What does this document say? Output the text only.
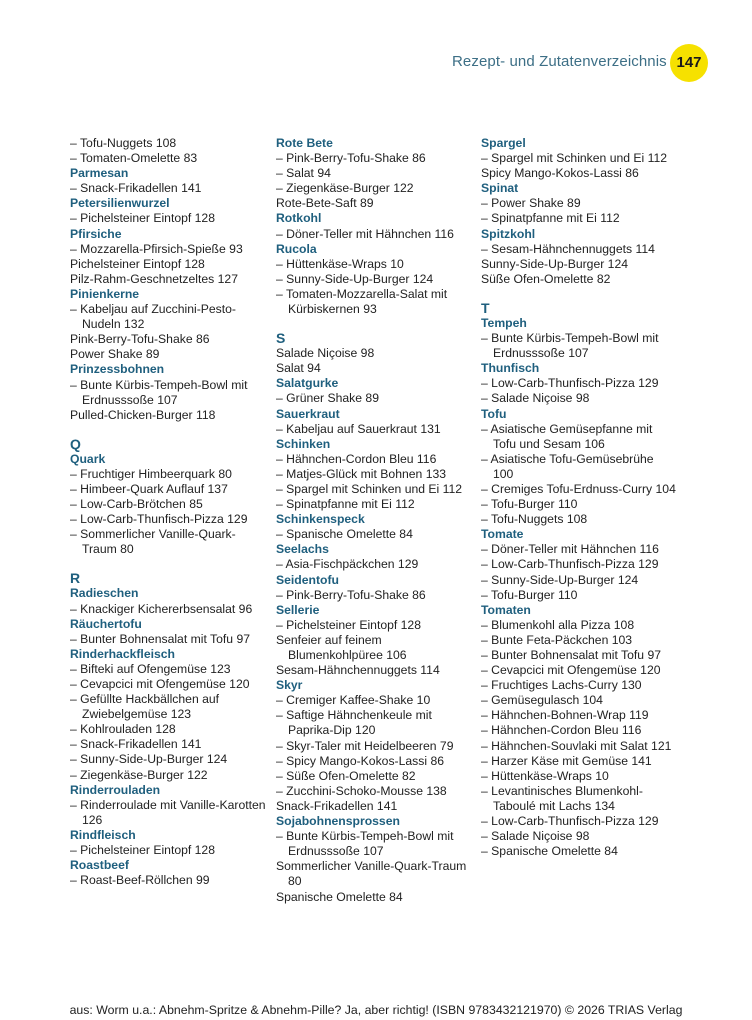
Rezept- und Zutatenverzeichnis 147
– Tofu-Nuggets 108
– Tomaten-Omelette 83
Parmesan
– Snack-Frikadellen 141
Petersilienwurzel
– Pichelsteiner Eintopf 128
Pfirsiche
– Mozzarella-Pfirsich-Spieße 93
Pichelsteiner Eintopf 128
Pilz-Rahm-Geschnetzeltes 127
Pinienkerne
– Kabeljau auf Zucchini-Pesto-Nudeln 132
Pink-Berry-Tofu-Shake 86
Power Shake 89
Prinzessbohnen
– Bunte Kürbis-Tempeh-Bowl mit Erdnusssoße 107
Pulled-Chicken-Burger 118
Q
Quark
– Fruchtiger Himbeerquark 80
– Himbeer-Quark Auflauf 137
– Low-Carb-Brötchen 85
– Low-Carb-Thunfisch-Pizza 129
– Sommerlicher Vanille-Quark-Traum 80
R
Radieschen
– Knackiger Kichererbsensalat 96
Räuchertofu
– Bunter Bohnensalat mit Tofu 97
Rinderhackfleisch
– Bifteki auf Ofengemüse 123
– Cevapcici mit Ofengemüse 120
– Gefüllte Hackbällchen auf Zwiebelgemüse 123
– Kohlrouladen 128
– Snack-Frikadellen 141
– Sunny-Side-Up-Burger 124
– Ziegenkäse-Burger 122
Rinderrouladen
– Rinderroulade mit Vanille-Karotten 126
Rindfleisch
– Pichelsteiner Eintopf 128
Roastbeef
– Roast-Beef-Röllchen 99
Rote Bete
– Pink-Berry-Tofu-Shake 86
– Salat 94
– Ziegenkäse-Burger 122
Rote-Bete-Saft 89
Rotkohl
– Döner-Teller mit Hähnchen 116
Rucola
– Hüttenkäse-Wraps 10
– Sunny-Side-Up-Burger 124
– Tomaten-Mozzarella-Salat mit Kürbiskernen 93
S
Salade Niçoise 98
Salat 94
Salatgurke
– Grüner Shake 89
Sauerkraut
– Kabeljau auf Sauerkraut 131
Schinken
– Hähnchen-Cordon Bleu 116
– Matjes-Glück mit Bohnen 133
– Spargel mit Schinken und Ei 112
– Spinatpfanne mit Ei 112
Schinkenspeck
– Spanische Omelette 84
Seelachs
– Asia-Fischpäckchen 129
Seidentofu
– Pink-Berry-Tofu-Shake 86
Sellerie
– Pichelsteiner Eintopf 128
Senfeier auf feinem Blumenkohlpüree 106
Sesam-Hähnchennuggets 114
Skyr
– Cremiger Kaffee-Shake 10
– Saftige Hähnchenkeule mit Paprika-Dip 120
– Skyr-Taler mit Heidelbeeren 79
– Spicy Mango-Kokos-Lassi 86
– Süße Ofen-Omelette 82
– Zucchini-Schoko-Mousse 138
Snack-Frikadellen 141
Sojabohnensprossen
– Bunte Kürbis-Tempeh-Bowl mit Erdnusssoße 107
Sommerlicher Vanille-Quark-Traum 80
Spanische Omelette 84
Spargel
– Spargel mit Schinken und Ei 112
Spicy Mango-Kokos-Lassi 86
Spinat
– Power Shake 89
– Spinatpfanne mit Ei 112
Spitzkohl
– Sesam-Hähnchennuggets 114
Sunny-Side-Up-Burger 124
Süße Ofen-Omelette 82
T
Tempeh
– Bunte Kürbis-Tempeh-Bowl mit Erdnusssoße 107
Thunfisch
– Low-Carb-Thunfisch-Pizza 129
– Salade Niçoise 98
Tofu
– Asiatische Gemüsepfanne mit Tofu und Sesam 106
– Asiatische Tofu-Gemüsebrühe 100
– Cremiges Tofu-Erdnuss-Curry 104
– Tofu-Burger 110
– Tofu-Nuggets 108
Tomate
– Döner-Teller mit Hähnchen 116
– Low-Carb-Thunfisch-Pizza 129
– Sunny-Side-Up-Burger 124
– Tofu-Burger 110
Tomaten
– Blumenkohl alla Pizza 108
– Bunte Feta-Päckchen 103
– Bunter Bohnensalat mit Tofu 97
– Cevapcici mit Ofengemüse 120
– Fruchtiges Lachs-Curry 130
– Gemüsegulasch 104
– Hähnchen-Bohnen-Wrap 119
– Hähnchen-Cordon Bleu 116
– Hähnchen-Souvlaki mit Salat 121
– Harzer Käse mit Gemüse 141
– Hüttenkäse-Wraps 10
– Levantinisches Blumenkohl-Taboulé mit Lachs 134
– Low-Carb-Thunfisch-Pizza 129
– Salade Niçoise 98
– Spanische Omelette 84
aus: Worm u.a.: Abnehm-Spritze & Abnehm-Pille? Ja, aber richtig! (ISBN 9783432121970) © 2026 TRIAS Verlag
